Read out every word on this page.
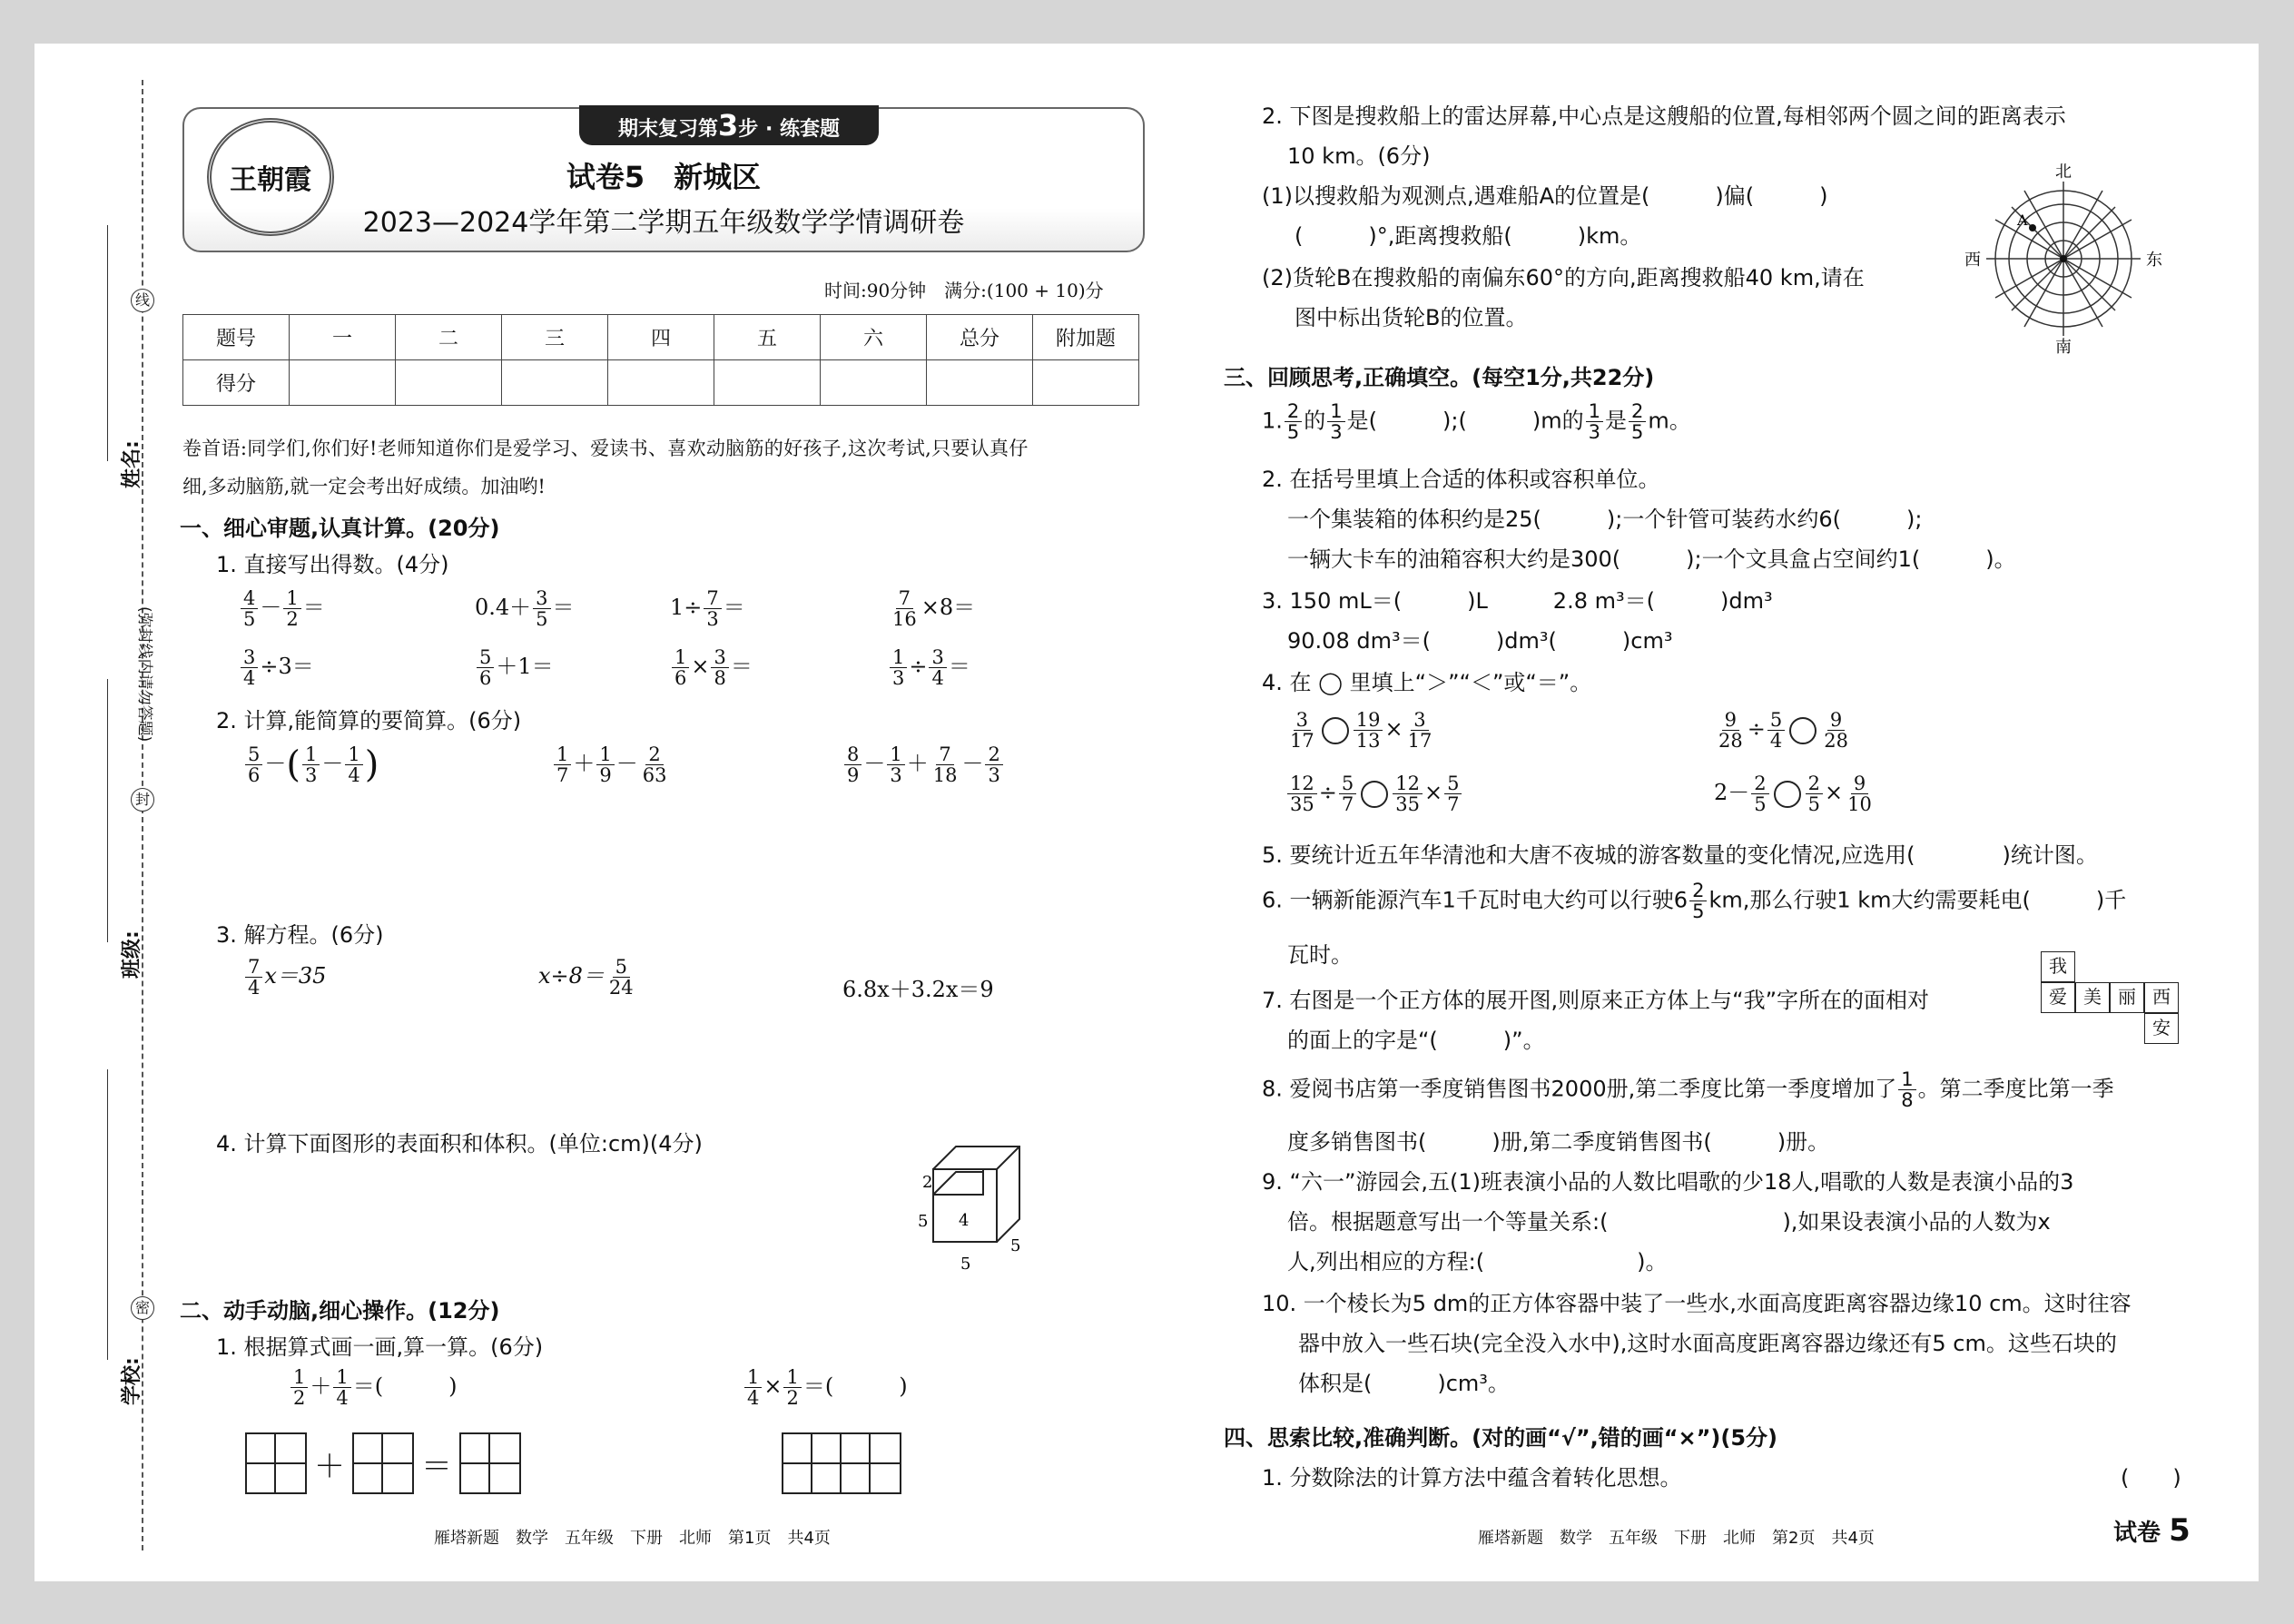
线
(弥封线内请勿答题)
封
密
姓名:
班级:
学校:
王朝霞
期末复习第3步 · 练套题
试卷5　新城区
2023—2024学年第二学期五年级数学学情调研卷
时间:90分钟　满分:(100 + 10)分
题号	一	二	三	四	五	六	总分	附加题
得分								
卷首语:同学们,你们好!老师知道你们是爱学习、爱读书、喜欢动脑筋的好孩子,这次考试,只要认真仔
细,多动脑筋,就一定会考出好成绩。加油哟!
一、细心审题,认真计算。(20分)
1. 直接写出得数。(4分)
$\frac{4}{5} - \frac{1}{2}$ ＝	$0.4+ \frac{3}{5}$ ＝	$1\div \frac{7}{3}$ ＝	$\frac{7}{16} \times 8=$
$\frac{3}{4} \div 3=$	$\frac{5}{6} +1=$	$\frac{1}{6} \times \frac{3}{8}$ ＝	$\frac{1}{3} \div \frac{3}{4}$ ＝
2. 计算,能简算的要简算。(6分)
$\frac{5}{6}$ －( $\frac{1}{3} - \frac{1}{4}$ )	$\frac{1}{7} + \frac{1}{9} - \frac{2}{63}$	$\frac{8}{9} - \frac{1}{3} + \frac{7}{18} - \frac{2}{3}$
3. 解方程。(6分)
$\frac{7}{4} x=35$	$x\div 8= \frac{5}{24}$	6.8x＋3.2x＝9
4. 计算下面图形的表面积和体积。(单位:cm)(4分)
2
5 4
5
5
二、动手动脑,细心操作。(12分)
1. 根据算式画一画,算一算。(6分)
$\frac{1}{2} + \frac{1}{4}$ ＝(　　　)	$\frac{1}{4} \times \frac{1}{2}$ ＝(　　　)
＋ ＝
雁塔新题　数学　五年级　下册　北师　第1页　共4页
2. 下图是搜救船上的雷达屏幕,中心点是这艘船的位置,每相邻两个圆之间的距离表示
10 km。(6分)
(1)以搜救船为观测点,遇难船A的位置是(　　　)偏(　　　)
(　　　)°,距离搜救船(　　　)km。
(2)货轮B在搜救船的南偏东60°的方向,距离搜救船40 km,请在
图中标出货轮B的位置。
北
南
东
西
A
三、回顾思考,正确填空。(每空1分,共22分)
1. $\frac{2}{5}$ 的 $\frac{1}{3}$ 是(　　　);(　　　)m的 $\frac{1}{3}$ 是 $\frac{2}{5}$ m。
2. 在括号里填上合适的体积或容积单位。
一个集装箱的体积约是25(　　　);一个针管可装药水约6(　　　);
一辆大卡车的油箱容积大约是300(　　　);一个文具盒占空间约1(　　　)。
3. 150 mL＝(　　　)L　　　2.8 m³＝(　　　)dm³
90.08 dm³＝(　　　)dm³(　　　)cm³
4. 在 ◯ 里填上“＞”“＜”或“＝”。
$\frac{3}{17} \frac{19}{13} \times \frac{3}{17}$	$\frac{9}{28} \div \frac{5}{4} \frac{9}{28}$
$\frac{12}{35} \div \frac{5}{7} \frac{12}{35} \times \frac{5}{7}$	$2- \frac{2}{5} \frac{2}{5} \times \frac{9}{10}$
5. 要统计近五年华清池和大唐不夜城的游客数量的变化情况,应选用(　　　　)统计图。
6. 一辆新能源汽车1千瓦时电大约可以行驶$6 \frac{2}{5}$ km,那么行驶1 km大约需要耗电(　　　)千
瓦时。
7. 右图是一个正方体的展开图,则原来正方体上与“我”字所在的面相对
的面上的字是“(　　　)”。
我
爱 美 丽 西
安
8. 爱阅书店第一季度销售图书2000册,第二季度比第一季度增加了 $\frac{1}{8}$ 。第二季度比第一季
度多销售图书(　　　)册,第二季度销售图书(　　　)册。
9. “六一”游园会,五(1)班表演小品的人数比唱歌的少18人,唱歌的人数是表演小品的3
倍。根据题意写出一个等量关系:(　　　　　　　　),如果设表演小品的人数为x
人,列出相应的方程:(　　　　　　　)。
10. 一个棱长为5 dm的正方体容器中装了一些水,水面高度距离容器边缘10 cm。这时往容
器中放入一些石块(完全没入水中),这时水面高度距离容器边缘还有5 cm。这些石块的
体积是(　　　)cm³。
四、思索比较,准确判断。(对的画“√”,错的画“×”)(5分)
1. 分数除法的计算方法中蕴含着转化思想。	(　　)
雁塔新题　数学　五年级　下册　北师　第2页　共4页	试卷 5
